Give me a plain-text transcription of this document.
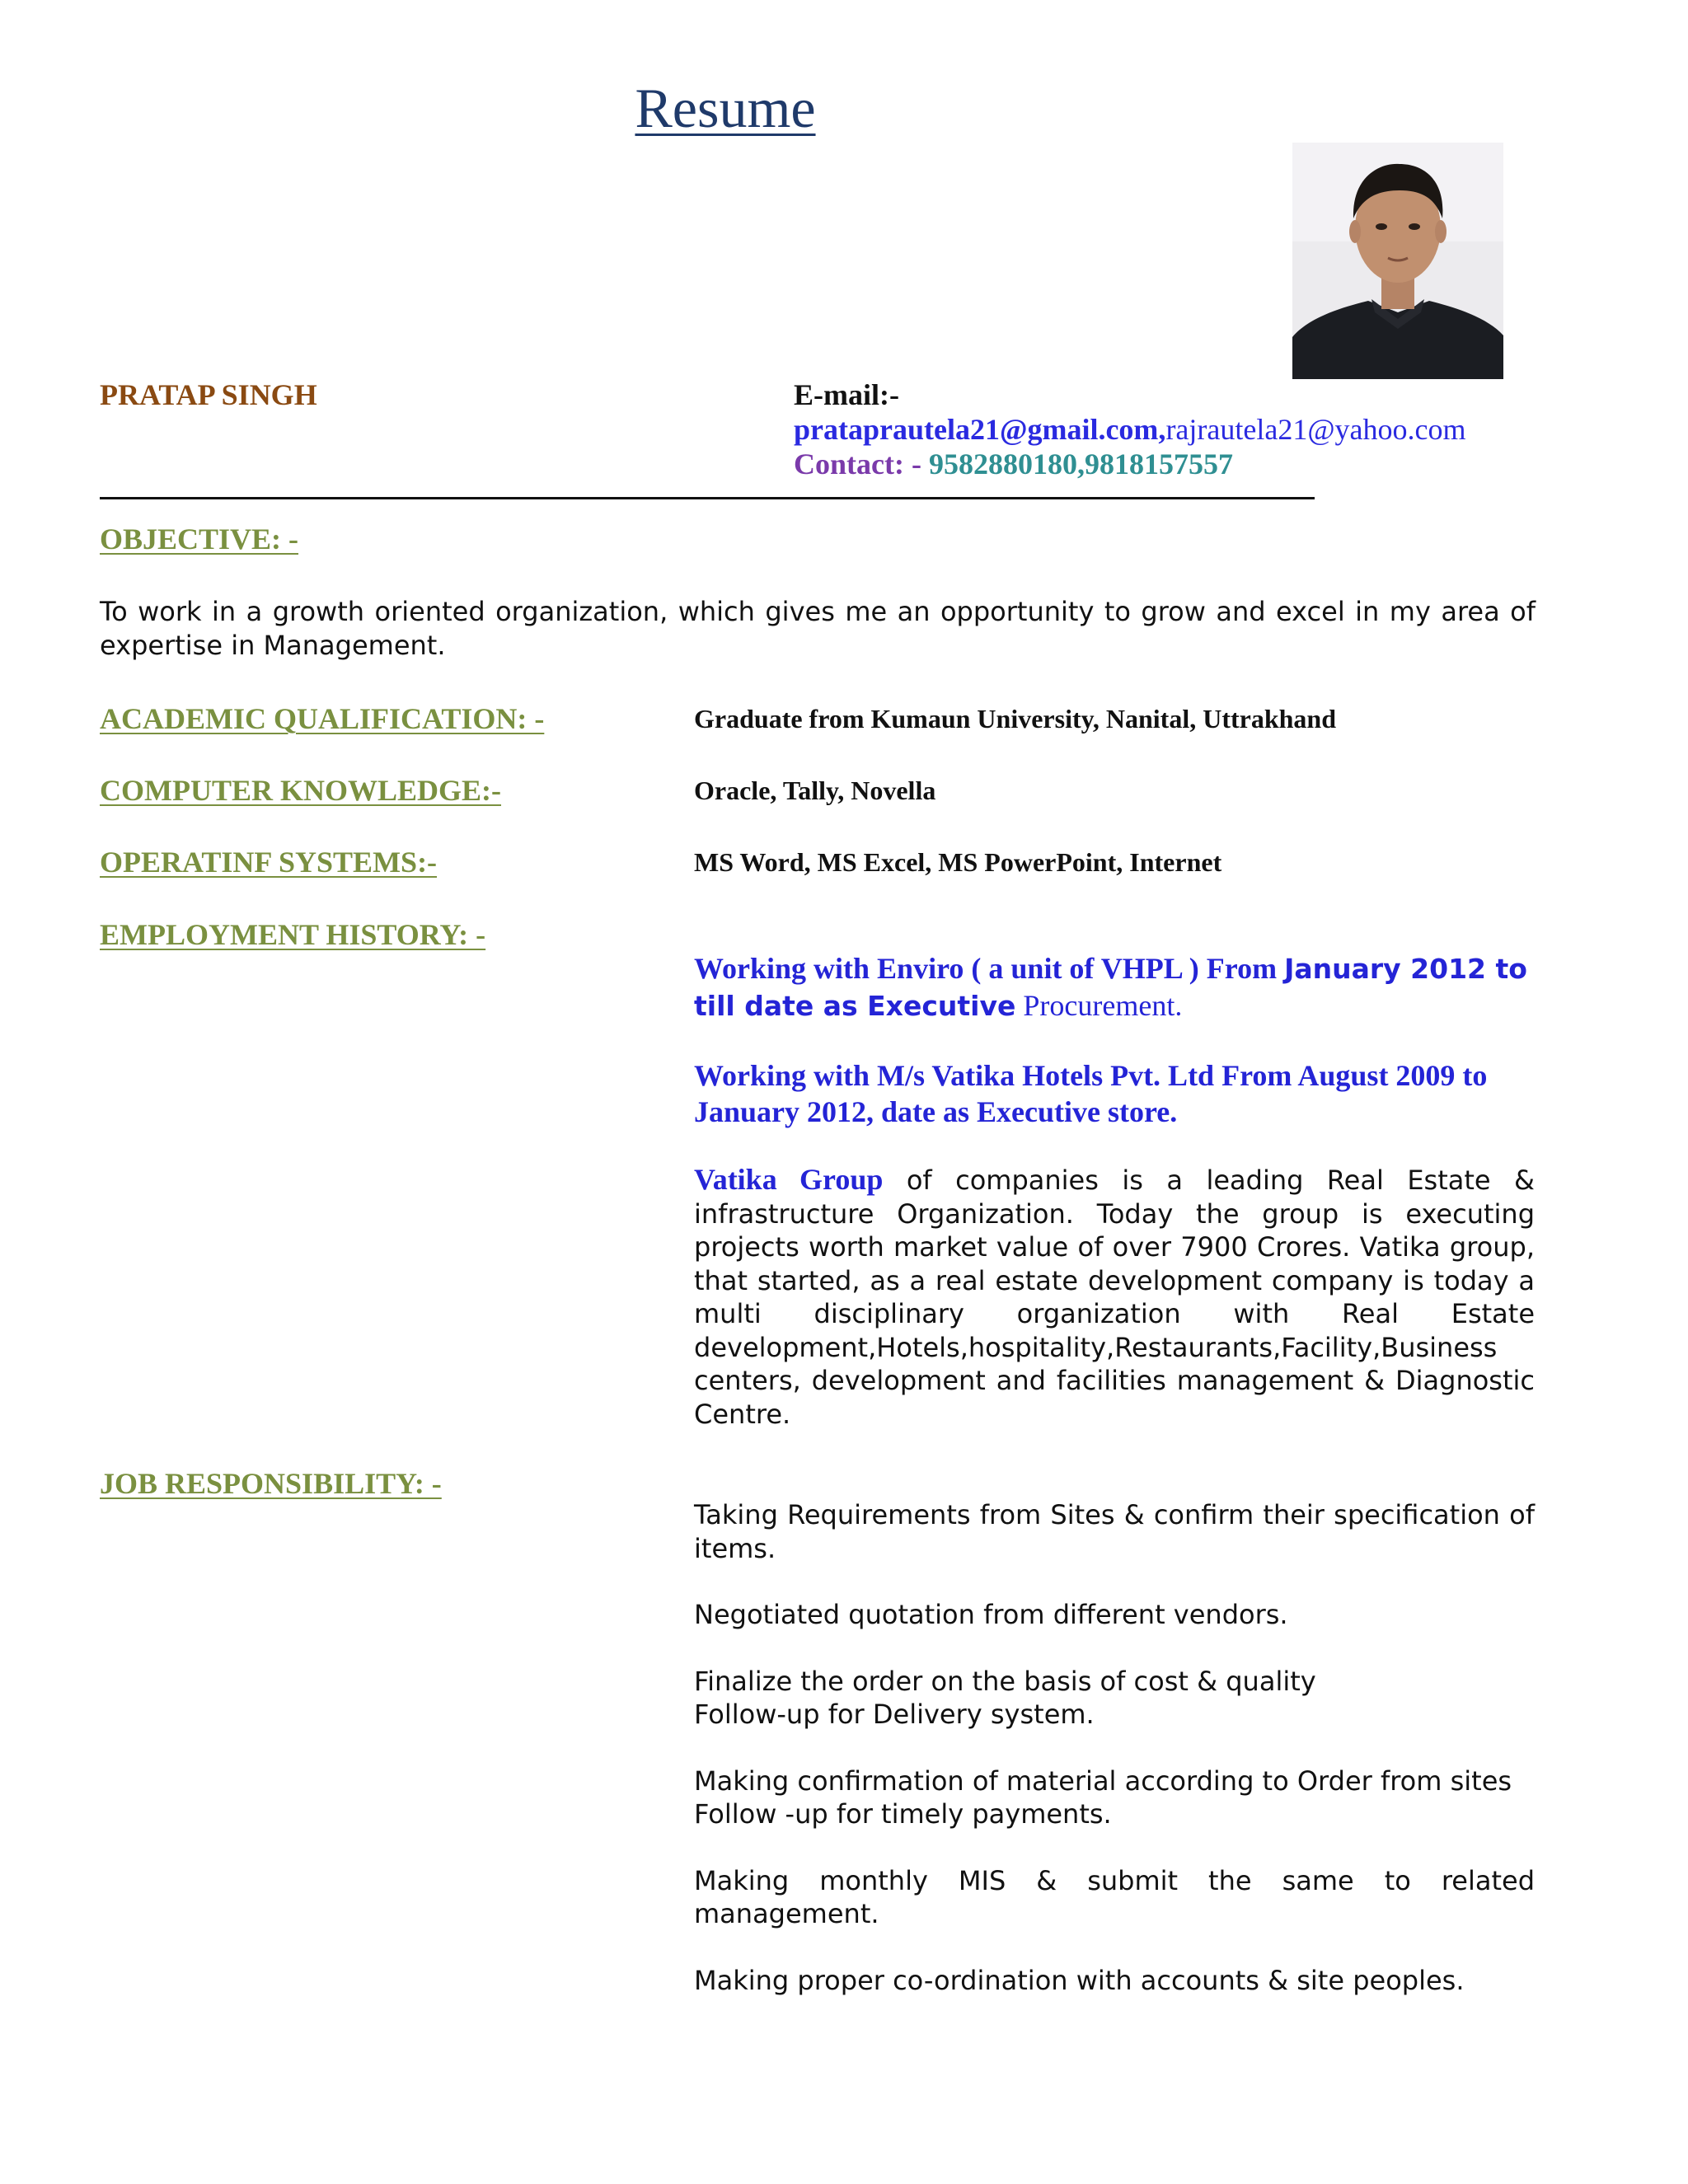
Resume
PRATAP SINGH	E-mail:-
prataprautela21@gmail.com,rajrautela21@yahoo.com
Contact: - 9582880180,9818157557
OBJECTIVE: -
To work in a growth oriented organization, which gives me an opportunity to grow and excel in my area of expertise in Management.
ACADEMIC QUALIFICATION: -	Graduate from Kumaun University, Nanital, Uttrakhand
COMPUTER KNOWLEDGE:-	Oracle, Tally, Novella
OPERATINF SYSTEMS:-	MS Word, MS Excel, MS PowerPoint, Internet
EMPLOYMENT HISTORY: -
Working with Enviro ( a unit of VHPL ) From January 2012 to till date as Executive Procurement.
Working with M/s Vatika Hotels Pvt. Ltd From August 2009 to January 2012, date as Executive store.
Vatika Group of companies is a leading Real Estate & infrastructure Organization. Today the group is executing projects worth market value of over 7900 Crores. Vatika group, that started, as a real estate development company is today a multi disciplinary organization with Real Estate development,Hotels,hospitality,Restaurants,Facility,Business centers, development and facilities management & Diagnostic Centre.
JOB RESPONSIBILITY: -
Taking Requirements from Sites & confirm their specification of items.
Negotiated quotation from different vendors.
Finalize the order on the basis of cost & quality
Follow-up for Delivery system.
Making confirmation of material according to Order from sites
Follow -up for timely payments.
Making monthly MIS & submit the same to related management.
Making proper co-ordination with accounts & site peoples.
